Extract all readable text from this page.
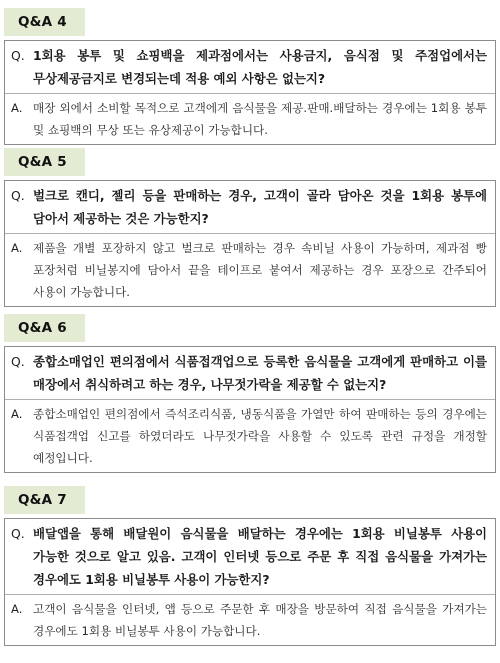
Q&A 4
Q. 1회용 봉투 및 쇼핑백을 제과점에서는 사용금지, 음식점 및 주점업에서는 무상제공금지로 변경되는데 적용 예외 사항은 없는지?
A. 매장 외에서 소비할 목적으로 고객에게 음식물을 제공.판매.배달하는 경우에는 1회용 봉투 및 쇼핑백의 무상 또는 유상제공이 가능합니다.
Q&A 5
Q. 벌크로 캔디, 젤리 등을 판매하는 경우, 고객이 골라 담아온 것을 1회용 봉투에 담아서 제공하는 것은 가능한지?
A. 제품을 개별 포장하지 않고 벌크로 판매하는 경우 속비닐 사용이 가능하며, 제과점 빵 포장처럼 비닐봉지에 담아서 끝을 테이프로 붙여서 제공하는 경우 포장으로 간주되어 사용이 가능합니다.
Q&A 6
Q. 종합소매업인 편의점에서 식품접객업으로 등록한 음식물을 고객에게 판매하고 이를 매장에서 취식하려고 하는 경우, 나무젓가락을 제공할 수 없는지?
A. 종합소매업인 편의점에서 즉석조리식품, 냉동식품을 가열만 하여 판매하는 등의 경우에는 식품접객업 신고를 하였더라도 나무젓가락을 사용할 수 있도록 관련 규정을 개정할 예정입니다.
Q&A 7
Q. 배달앱을 통해 배달원이 음식물을 배달하는 경우에는 1회용 비닐봉투 사용이 가능한 것으로 알고 있음. 고객이 인터넷 등으로 주문 후 직접 음식물을 가져가는 경우에도 1회용 비닐봉투 사용이 가능한지?
A. 고객이 음식물을 인터넷, 앱 등으로 주문한 후 매장을 방문하여 직접 음식물을 가져가는 경우에도 1회용 비닐봉투 사용이 가능합니다.
